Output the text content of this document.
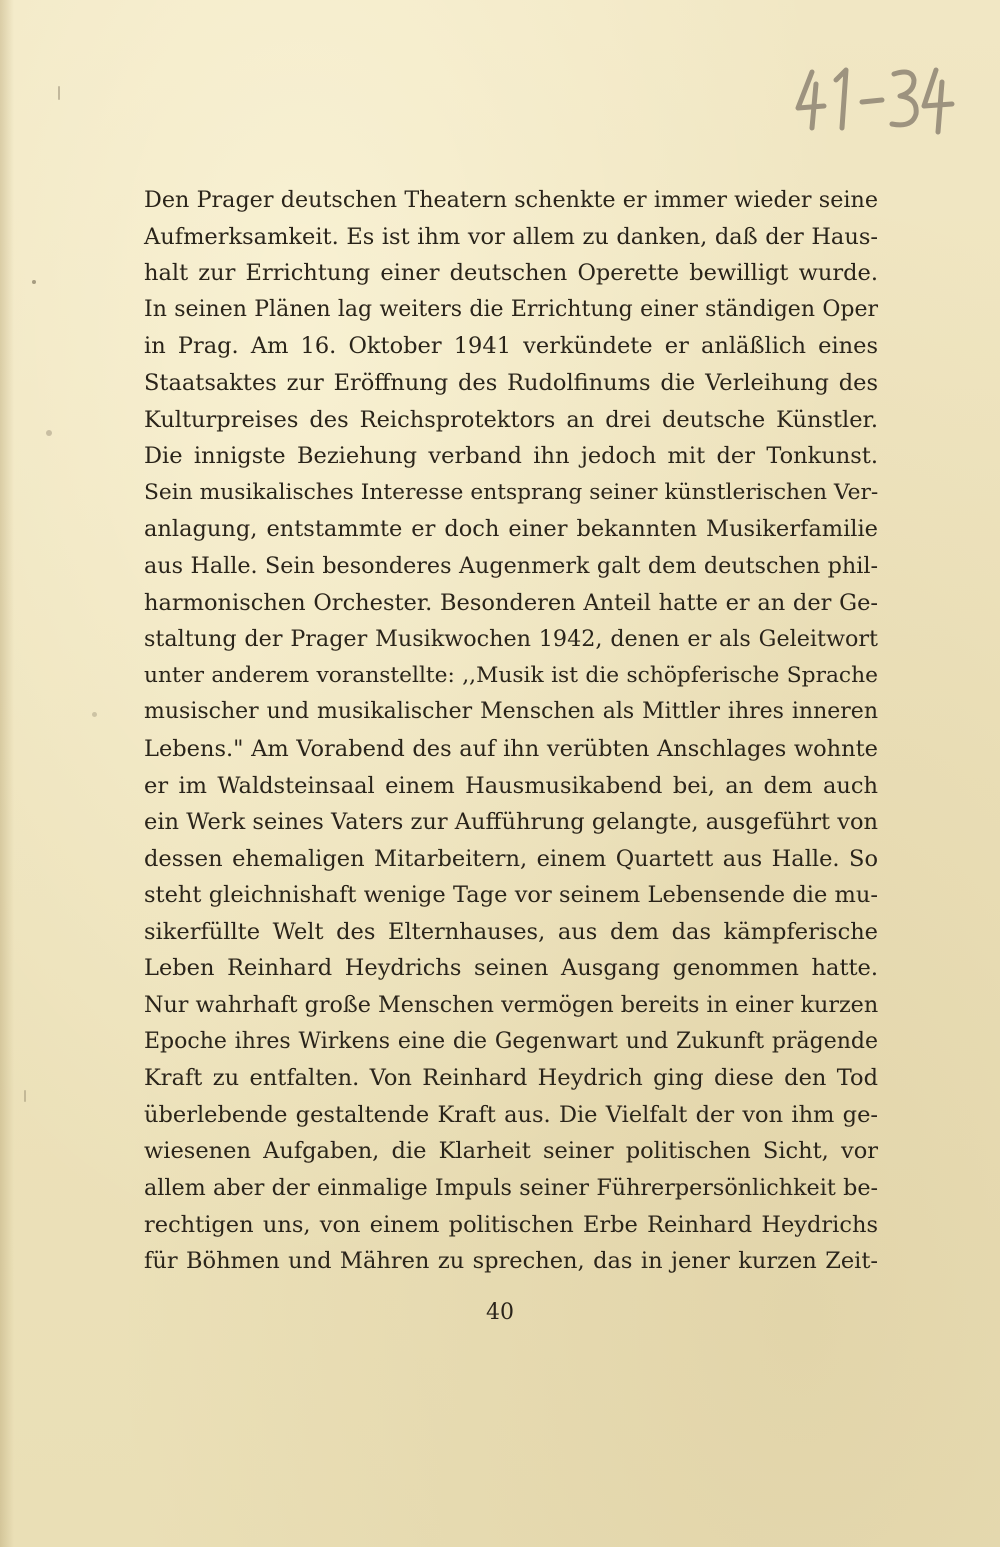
Den Prager deutschen Theatern schenkte er immer wieder seine
Aufmerksamkeit. Es ist ihm vor allem zu danken, daß der Haus-
halt zur Errichtung einer deutschen Operette bewilligt wurde.
In seinen Plänen lag weiters die Errichtung einer ständigen Oper
in Prag. Am 16. Oktober 1941 verkündete er anläßlich eines
Staatsaktes zur Eröffnung des Rudolfinums die Verleihung des
Kulturpreises des Reichsprotektors an drei deutsche Künstler.
Die innigste Beziehung verband ihn jedoch mit der Tonkunst.
Sein musikalisches Interesse entsprang seiner künstlerischen Ver-
anlagung, entstammte er doch einer bekannten Musikerfamilie
aus Halle. Sein besonderes Augenmerk galt dem deutschen phil-
harmonischen Orchester. Besonderen Anteil hatte er an der Ge-
staltung der Prager Musikwochen 1942, denen er als Geleitwort
unter anderem voranstellte: ,,Musik ist die schöpferische Sprache
musischer und musikalischer Menschen als Mittler ihres inneren
Lebens." Am Vorabend des auf ihn verübten Anschlages wohnte
er im Waldsteinsaal einem Hausmusikabend bei, an dem auch
ein Werk seines Vaters zur Aufführung gelangte, ausgeführt von
dessen ehemaligen Mitarbeitern, einem Quartett aus Halle. So
steht gleichnishaft wenige Tage vor seinem Lebensende die mu-
sikerfüllte Welt des Elternhauses, aus dem das kämpferische
Leben Reinhard Heydrichs seinen Ausgang genommen hatte.
Nur wahrhaft große Menschen vermögen bereits in einer kurzen
Epoche ihres Wirkens eine die Gegenwart und Zukunft prägende
Kraft zu entfalten. Von Reinhard Heydrich ging diese den Tod
überlebende gestaltende Kraft aus. Die Vielfalt der von ihm ge-
wiesenen Aufgaben, die Klarheit seiner politischen Sicht, vor
allem aber der einmalige Impuls seiner Führerpersönlichkeit be-
rechtigen uns, von einem politischen Erbe Reinhard Heydrichs
für Böhmen und Mähren zu sprechen, das in jener kurzen Zeit-
40
